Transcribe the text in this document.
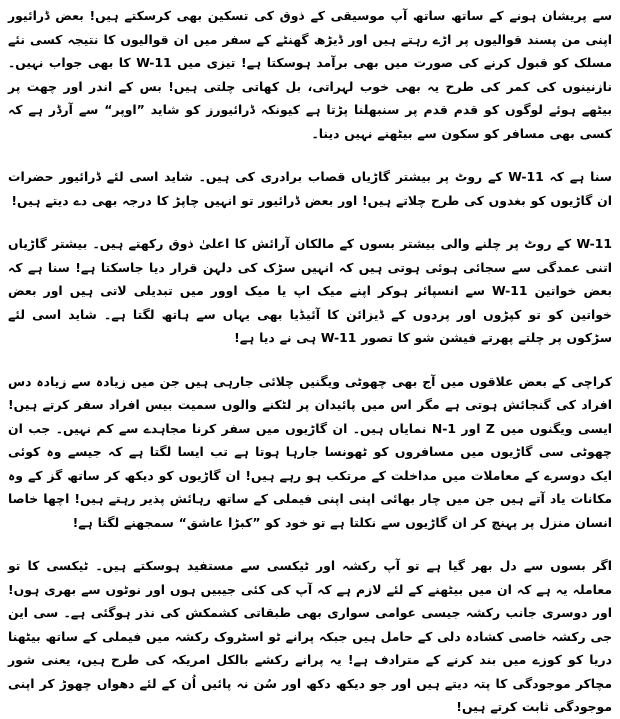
سے پریشان ہونے کے ساتھ ساتھ آپ موسیقی کے ذوق کی تسکین بھی کرسکتے ہیں! بعض ڈرائیور اپنی من پسند قوالیوں پر اڑے رہتے ہیں اور ڈیڑھ گھنٹے کے سفر میں ان قوالیوں کا نتیجہ کسی نئے مسلک کو قبول کرنے کی صورت میں بھی برآمد ہوسکتا ہے! تیزی میں W-11 کا بھی جواب نہیں۔ نازنینوں کی کمر کی طرح یہ بھی خوب لہراتی، بل کھاتی چلتی ہیں! بس کے اندر اور چھت پر بیٹھے ہوئے لوگوں کو قدم قدم پر سنبھلنا پڑتا ہے کیونکہ ڈرائیورز کو شاید ”اوپر“ سے آرڈر ہے کہ کسی بھی مسافر کو سکون سے بیٹھنے نہیں دینا۔

سنا ہے کہ W-11 کے روٹ پر بیشتر گاڑیاں قصاب برادری کی ہیں۔ شاید اسی لئے ڈرائیور حضرات ان گاڑیوں کو بغدوں کی طرح چلاتے ہیں! اور بعض ڈرائیور تو انہیں چاپڑ کا درجہ بھی دے دیتے ہیں!

W-11 کے روٹ پر چلنے والی بیشتر بسوں کے مالکان آرائش کا اعلیٰ ذوق رکھتے ہیں۔ بیشتر گاڑیاں اتنی عمدگی سے سجائی ہوئی ہوتی ہیں کہ انہیں سڑک کی دلہن قرار دیا جاسکتا ہے! سنا ہے کہ بعض خواتین W-11 سے انسپائر ہوکر اپنے میک اپ یا میک اوور میں تبدیلی لاتی ہیں اور بعض خواتین کو تو کپڑوں اور پردوں کے ڈیزائن کا آئیڈیا بھی یہاں سے ہاتھ لگتا ہے۔ شاید اسی لئے سڑکوں پر چلتے پھرتے فیشن شو کا تصور W-11 ہی نے دیا ہے!

کراچی کے بعض علاقوں میں آج بھی چھوٹی ویگنیں چلائی جارہی ہیں جن میں زیادہ سے زیادہ دس افراد کی گنجائش ہوتی ہے مگر اس میں پائیدان پر لٹکنے والوں سمیت بیس افراد سفر کرتے ہیں! ایسی ویگنوں میں Z اور N-1 نمایاں ہیں۔ ان گاڑیوں میں سفر کرنا مجاہدے سے کم نہیں۔ جب ان چھوٹی سی گاڑیوں میں مسافروں کو ٹھونسا جارہا ہوتا ہے تب ایسا لگتا ہے کہ جیسے وہ کوئی ایک دوسرے کے معاملات میں مداخلت کے مرتکب ہو رہے ہیں! ان گاڑیوں کو دیکھ کر ساتھ گز کے وہ مکانات یاد آتے ہیں جن میں چار بھائی اپنی اپنی فیملی کے ساتھ رہائش پذیر رہتے ہیں! اچھا خاصا انسان منزل پر پہنچ کر ان گاڑیوں سے نکلتا ہے تو خود کو ”کبڑا عاشق“ سمجھنے لگتا ہے!

اگر بسوں سے دل بھر گیا ہے تو آپ رکشہ اور ٹیکسی سے مستفید ہوسکتے ہیں۔ ٹیکسی کا تو معاملہ یہ ہے کہ ان میں بیٹھنے کے لئے لازم ہے کہ آپ کی کئی جیبیں ہوں اور نوٹوں سے بھری ہوں! اور دوسری جانب رکشہ جیسی عوامی سواری بھی طبقاتی کشمکش کی نذر ہوگئی ہے۔ سی این جی رکشہ خاصی کشادہ دلی کے حامل ہیں جبکہ پرانے ٹو اسٹروک رکشہ میں فیملی کے ساتھ بیٹھنا دریا کو کوزے میں بند کرنے کے مترادف ہے! یہ پرانے رکشے بالکل امریکہ کی طرح ہیں، یعنی شور مچاکر موجودگی کا پتہ دیتے ہیں اور جو دیکھ دکھ اور سُن نہ پائیں اُن کے لئے دھواں چھوڑ کر اپنی موجودگی ثابت کرتے ہیں!
